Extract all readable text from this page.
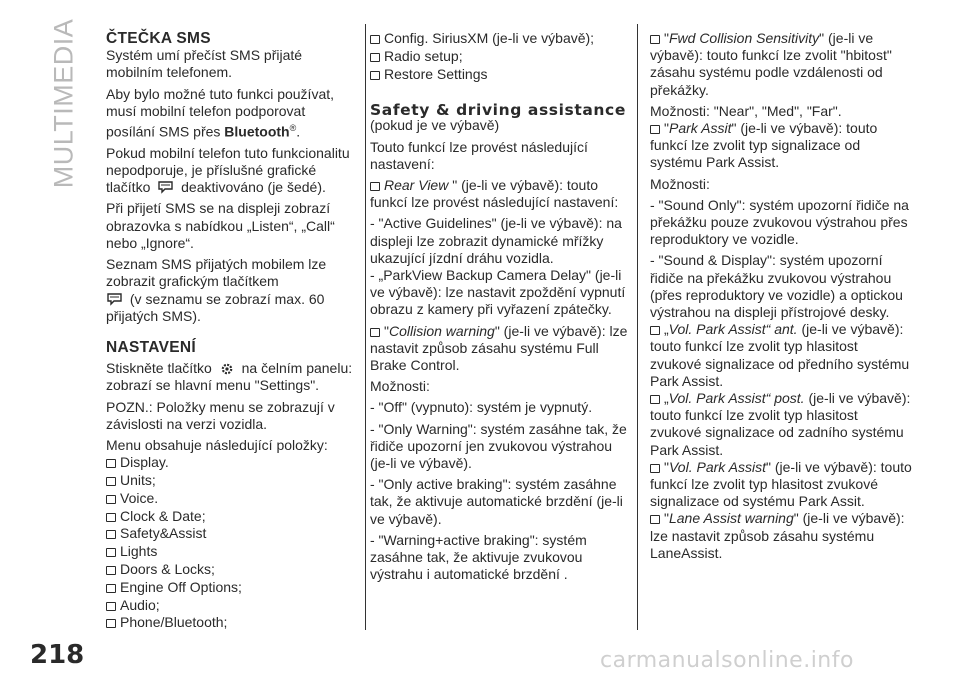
MULTIMEDIA ČTEČKA SMS

Systém umí přečíst SMS přijaté mobilním telefonem.

Aby bylo možné tuto funkci používat, musí mobilní telefon podporovat posílání SMS přes Bluetooth®.

Pokud mobilní telefon tuto funkcionalitu nepodporuje, je příslušné grafické tlačítko deaktivováno (je šedé).

Při přijetí SMS se na displeji zobrazí obrazovka s nabídkou „Listen“, „Call“ nebo „Ignore“.

Seznam SMS přijatých mobilem lze zobrazit grafickým tlačítkem
(v seznamu se zobrazí max. 60 přijatých SMS).

NASTAVENÍ

Stiskněte tlačítko na čelním panelu: zobrazí se hlavní menu "Settings".

POZN.: Položky menu se zobrazují v závislosti na verzi vozidla.

Menu obsahuje následující položky:

Display.
Units;
Voice.
Clock & Date;
Safety&Assist
Lights
Doors & Locks;
Engine Off Options;
Audio;
Phone/Bluetooth;
Config. SiriusXM (je-li ve výbavě);
Radio setup;
Restore Settings
Safety & driving assistance

(pokud je ve výbavě)

Touto funkcí lze provést následující nastavení:

Rear View " (je-li ve výbavě): touto funkcí lze provést následující nastavení:

- "Active Guidelines" (je-li ve výbavě): na displeji lze zobrazit dynamické mřížky ukazující jízdní dráhu vozidla.

- „ParkView Backup Camera Delay" (je-li ve výbavě): lze nastavit zpoždění vypnutí obrazu z kamery při vyřazení zpátečky.

"Collision warning" (je-li ve výbavě): lze nastavit způsob zásahu systému Full Brake Control.

Možnosti:

- "Off" (vypnuto): systém je vypnutý.

- "Only Warning": systém zasáhne tak, že řidiče upozorní jen zvukovou výstrahou (je-li ve výbavě).

- "Only active braking": systém zasáhne tak, že aktivuje automatické brzdění (je-li ve výbavě).

- "Warning+active braking": systém zasáhne tak, že aktivuje zvukovou výstrahu i automatické brzdění .

"Fwd Collision Sensitivity" (je-li ve výbavě): touto funkcí lze zvolit "hbitost" zásahu systému podle vzdálenosti od překážky.

Možnosti: "Near", "Med", "Far".

"Park Assit" (je-li ve výbavě): touto funkcí lze zvolit typ signalizace od systému Park Assist.

Možnosti:

- "Sound Only": systém upozorní řidiče na překážku pouze zvukovou výstrahou přes reproduktory ve vozidle.

- "Sound & Display": systém upozorní řidiče na překážku zvukovou výstrahou (přes reproduktory ve vozidle) a optickou výstrahou na displeji přístrojové desky.

„Vol. Park Assist“ ant. (je-li ve výbavě): touto funkcí lze zvolit typ hlasitost zvukové signalizace od předního systému Park Assist.

„Vol. Park Assist“ post. (je-li ve výbavě): touto funkcí lze zvolit typ hlasitost zvukové signalizace od zadního systému Park Assist.

"Vol. Park Assist" (je-li ve výbavě): touto funkcí lze zvolit typ hlasitost zvukové signalizace od systému Park Assit.

"Lane Assist warning" (je-li ve výbavě): lze nastavit způsob zásahu systému LaneAssist.

218	carmanualsonline.info
